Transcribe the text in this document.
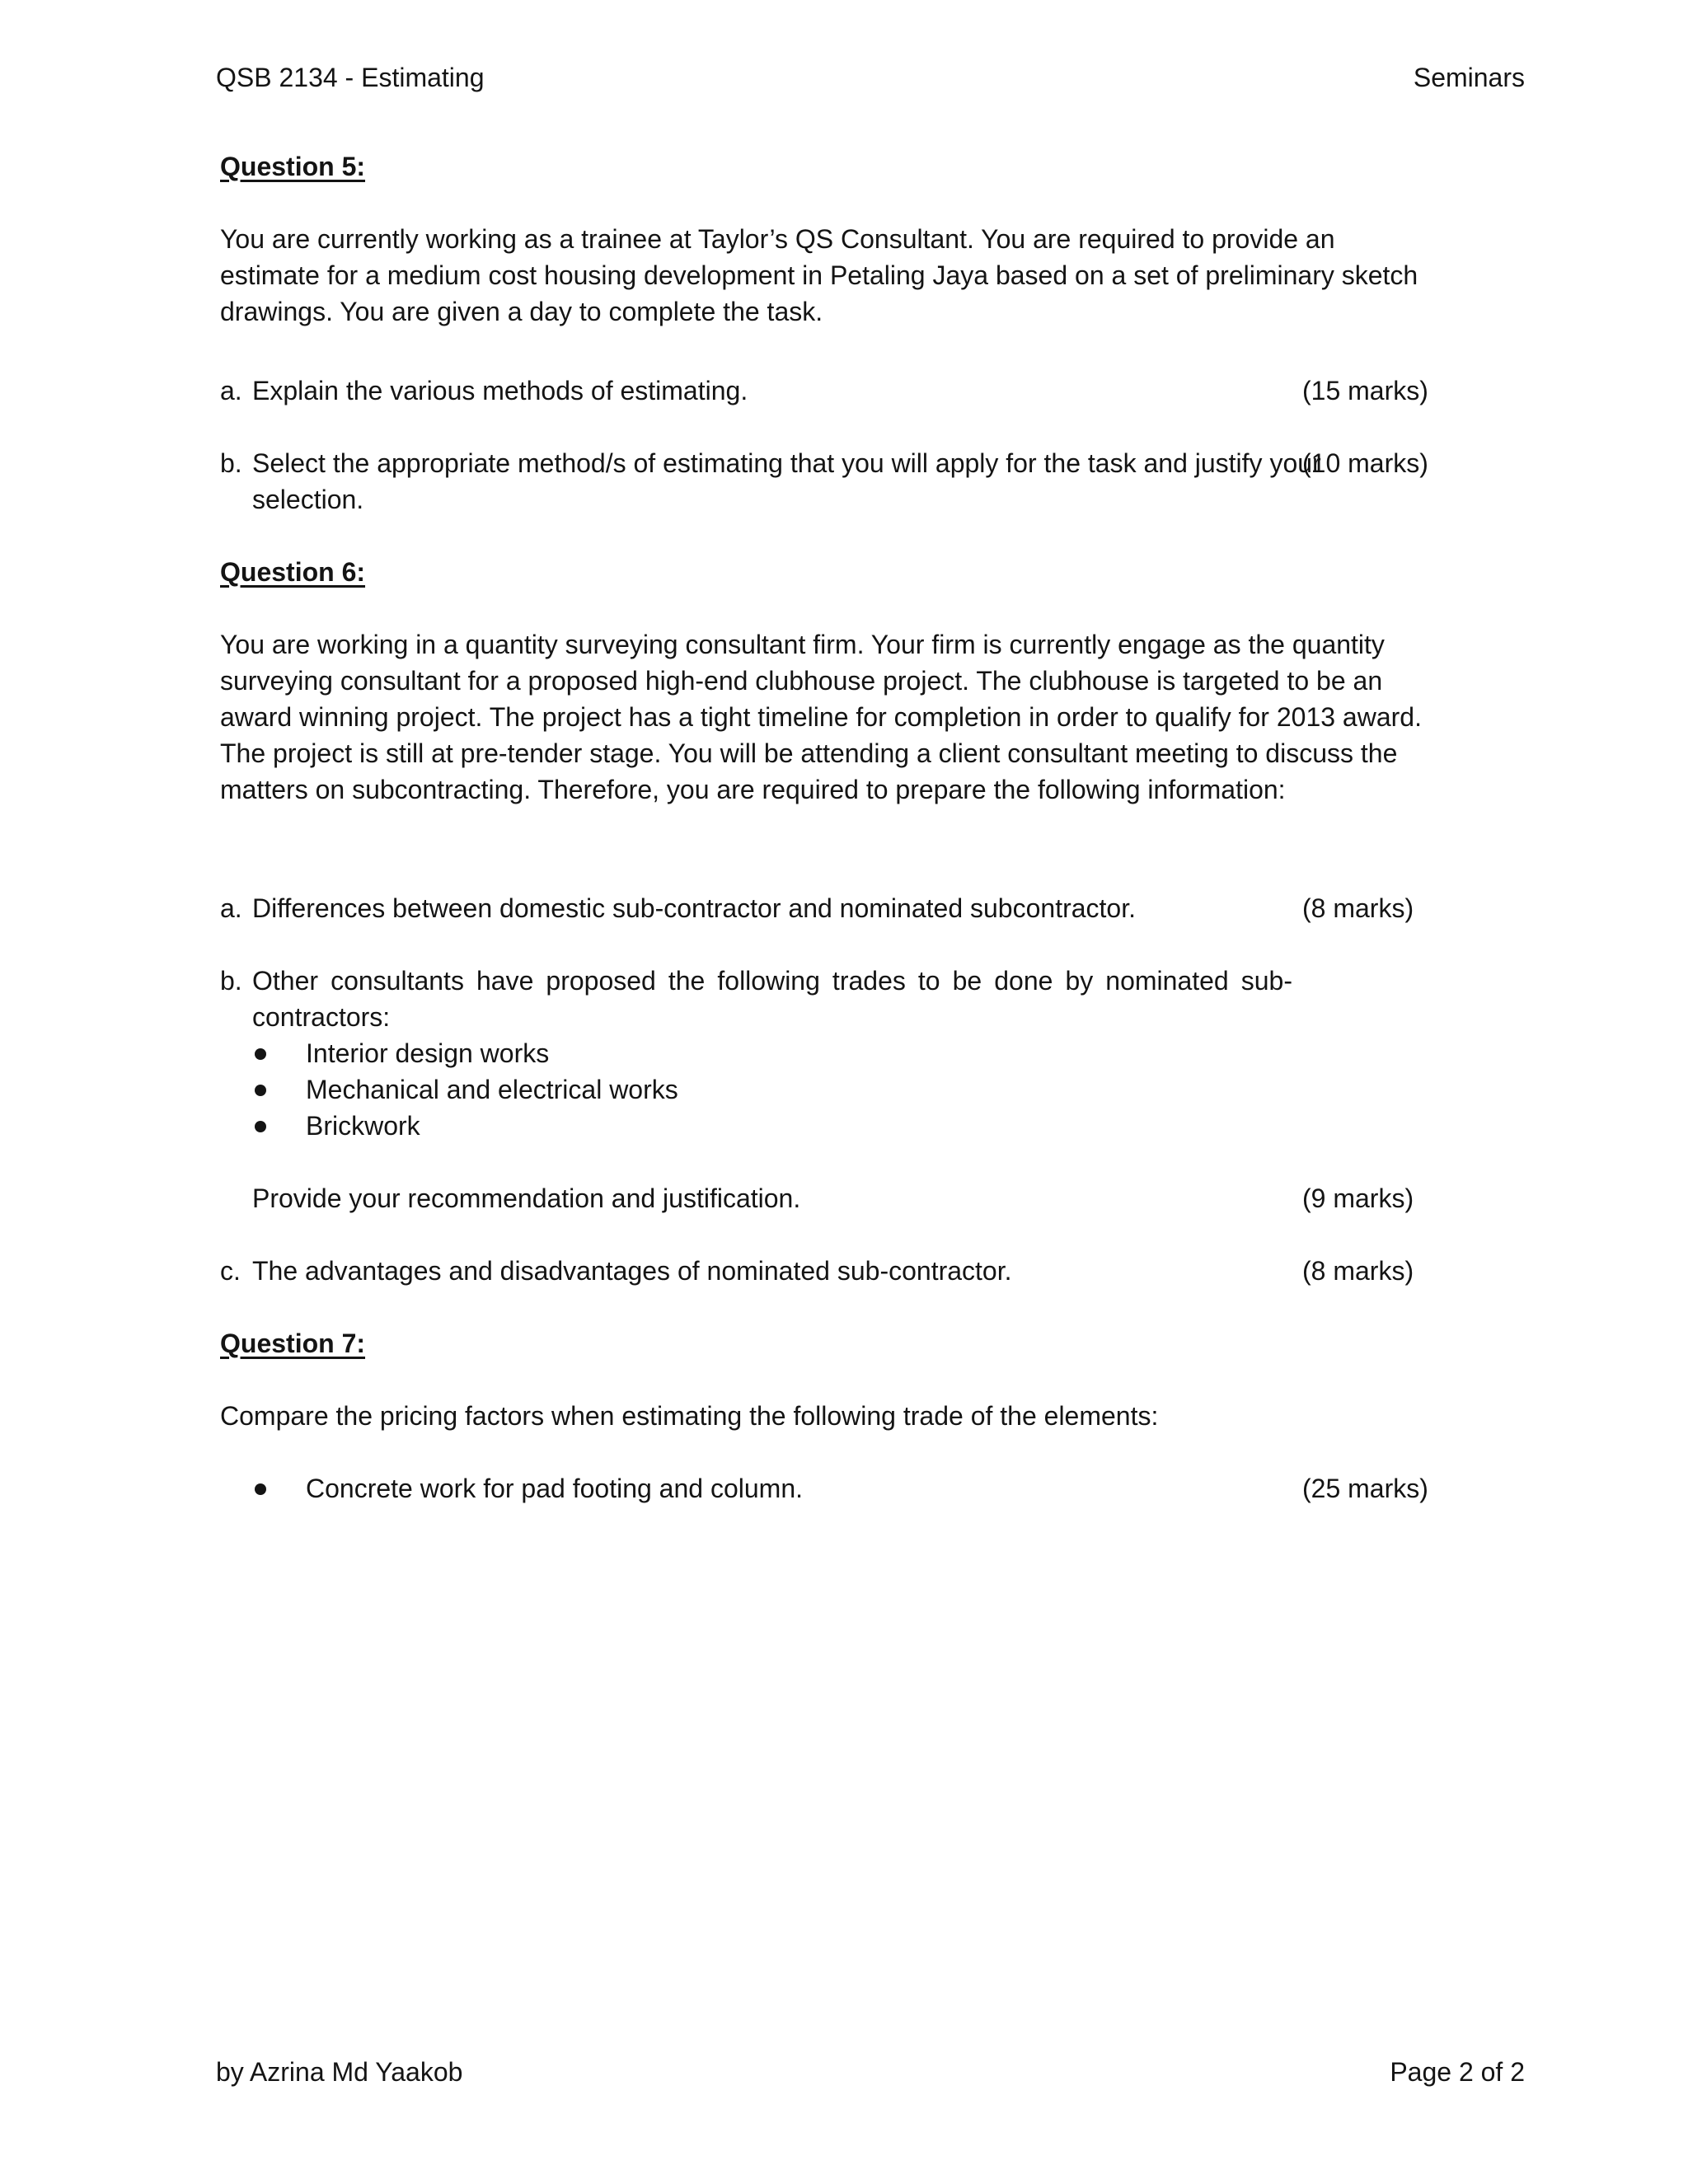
QSB 2134 - Estimating	Seminars
Question 5:
You are currently working as a trainee at Taylor’s QS Consultant. You are required to provide an estimate for a medium cost housing development in Petaling Jaya based on a set of preliminary sketch drawings. You are given a day to complete the task.
a. Explain the various methods of estimating.	(15 marks)
b. Select the appropriate method/s of estimating that you will apply for the task and justify your
selection.
(10 marks)
Question 6:
You are working in a quantity surveying consultant firm. Your firm is currently engage as the quantity surveying consultant for a proposed high-end clubhouse project. The clubhouse is targeted to be an award winning project. The project has a tight timeline for completion in order to qualify for 2013 award. The project is still at pre-tender stage. You will be attending a client consultant meeting to discuss the matters on subcontracting. Therefore, you are required to prepare the following information:
a. Differences between domestic sub-contractor and nominated subcontractor.	(8 marks)
b. Other consultants have proposed the following trades to be done by nominated sub-
contractors:
Interior design works
Mechanical and electrical works
Brickwork
Provide your recommendation and justification.	(9 marks)
c. The advantages and disadvantages of nominated sub-contractor.	(8 marks)
Question 7:
Compare the pricing factors when estimating the following trade of the elements:
Concrete work for pad footing and column.	(25 marks)
by Azrina Md Yaakob	Page 2 of 2
